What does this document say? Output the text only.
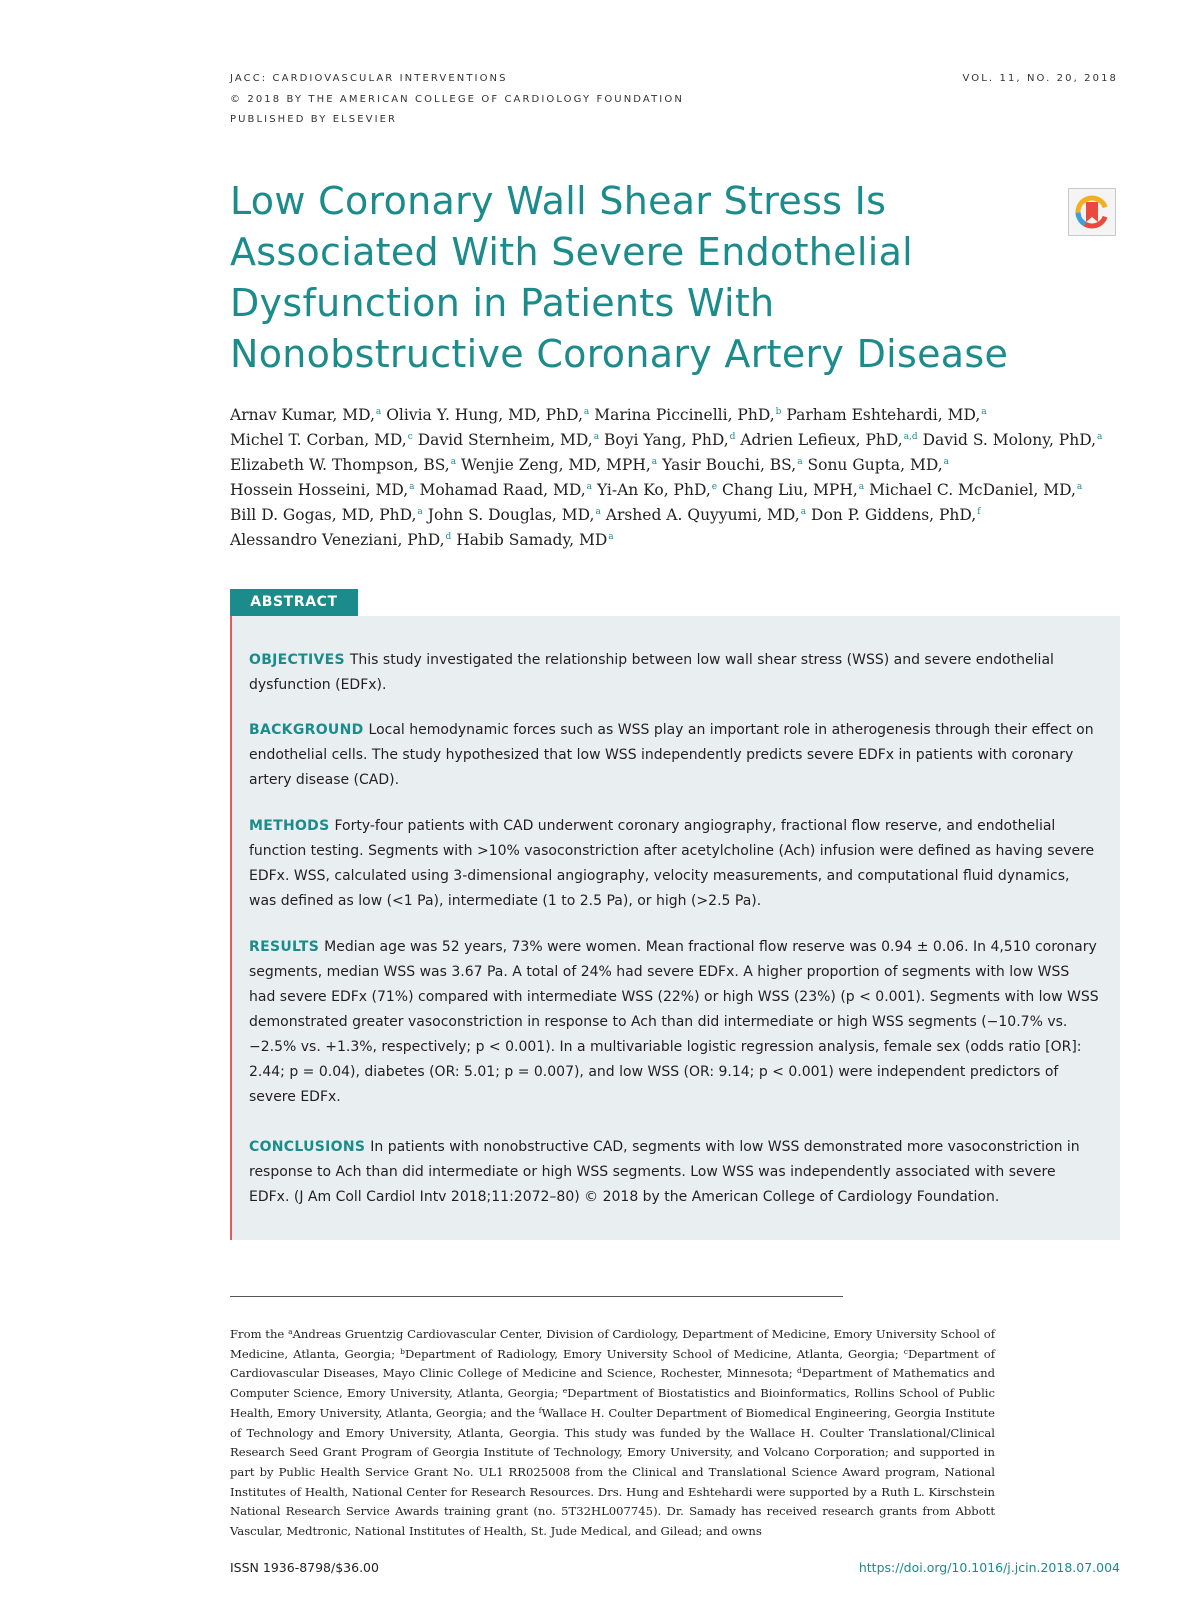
JACC: CARDIOVASCULAR INTERVENTIONS
© 2018 BY THE AMERICAN COLLEGE OF CARDIOLOGY FOUNDATION
PUBLISHED BY ELSEVIER
VOL. 11, NO. 20, 2018
Low Coronary Wall Shear Stress Is Associated With Severe Endothelial Dysfunction in Patients With Nonobstructive Coronary Artery Disease
Arnav Kumar, MD,$^a$ Olivia Y. Hung, MD, PhD,$^a$ Marina Piccinelli, PhD,$^b$ Parham Eshtehardi, MD,$^a$ Michel T. Corban, MD,$^c$ David Sternheim, MD,$^a$ Boyi Yang, PhD,$^d$ Adrien Lefieux, PhD,$^{a,d}$ David S. Molony, PhD,$^a$ Elizabeth W. Thompson, BS,$^a$ Wenjie Zeng, MD, MPH,$^a$ Yasir Bouchi, BS,$^a$ Sonu Gupta, MD,$^a$ Hossein Hosseini, MD,$^a$ Mohamad Raad, MD,$^a$ Yi-An Ko, PhD,$^e$ Chang Liu, MPH,$^a$ Michael C. McDaniel, MD,$^a$ Bill D. Gogas, MD, PhD,$^a$ John S. Douglas, MD,$^a$ Arshed A. Quyyumi, MD,$^a$ Don P. Giddens, PhD,$^f$ Alessandro Veneziani, PhD,$^d$ Habib Samady, $MD^a$
ABSTRACT

OBJECTIVES This study investigated the relationship between low wall shear stress (WSS) and severe endothelial dysfunction (EDFx).

BACKGROUND Local hemodynamic forces such as WSS play an important role in atherogenesis through their effect on endothelial cells. The study hypothesized that low WSS independently predicts severe EDFx in patients with coronary artery disease (CAD).

METHODS Forty-four patients with CAD underwent coronary angiography, fractional flow reserve, and endothelial function testing. Segments with >10% vasoconstriction after acetylcholine (Ach) infusion were defined as having severe EDFx. WSS, calculated using 3-dimensional angiography, velocity measurements, and computational fluid dynamics, was defined as low (<1 Pa), intermediate (1 to 2.5 Pa), or high (>2.5 Pa).

RESULTS Median age was 52 years, 73% were women. Mean fractional flow reserve was 0.94 ± 0.06. In 4,510 coronary segments, median WSS was 3.67 Pa. A total of 24% had severe EDFx. A higher proportion of segments with low WSS had severe EDFx (71%) compared with intermediate WSS (22%) or high WSS (23%) (p < 0.001). Segments with low WSS demonstrated greater vasoconstriction in response to Ach than did intermediate or high WSS segments (−10.7% vs. −2.5% vs. +1.3%, respectively; p < 0.001). In a multivariable logistic regression analysis, female sex (odds ratio [OR]: 2.44; p = 0.04), diabetes (OR: 5.01; p = 0.007), and low WSS (OR: 9.14; p < 0.001) were independent predictors of severe EDFx.

CONCLUSIONS In patients with nonobstructive CAD, segments with low WSS demonstrated more vasoconstriction in response to Ach than did intermediate or high WSS segments. Low WSS was independently associated with severe EDFx. (J Am Coll Cardiol Intv 2018;11:2072–80) © 2018 by the American College of Cardiology Foundation.

From the $^a$Andreas Gruentzig Cardiovascular Center, Division of Cardiology, Department of Medicine, Emory University School of Medicine, Atlanta, Georgia; $^b$Department of Radiology, Emory University School of Medicine, Atlanta, Georgia; $^c$Department of Cardiovascular Diseases, Mayo Clinic College of Medicine and Science, Rochester, Minnesota; $^d$Department of Mathematics and Computer Science, Emory University, Atlanta, Georgia; $^e$Department of Biostatistics and Bioinformatics, Rollins School of Public Health, Emory University, Atlanta, Georgia; and the $^f$Wallace H. Coulter Department of Biomedical Engineering, Georgia Institute of Technology and Emory University, Atlanta, Georgia. This study was funded by the Wallace H. Coulter Translational/Clinical Research Seed Grant Program of Georgia Institute of Technology, Emory University, and Volcano Corporation; and supported in part by Public Health Service Grant No. UL1 RR025008 from the Clinical and Translational Science Award program, National Institutes of Health, National Center for Research Resources. Drs. Hung and Eshtehardi were supported by a Ruth L. Kirschstein National Research Service Awards training grant (no. 5T32HL007745). Dr. Samady has received research grants from Abbott Vascular, Medtronic, National Institutes of Health, St. Jude Medical, and Gilead; and owns

ISSN 1936-8798/$36.00	https://doi.org/10.1016/j.jcin.2018.07.004
